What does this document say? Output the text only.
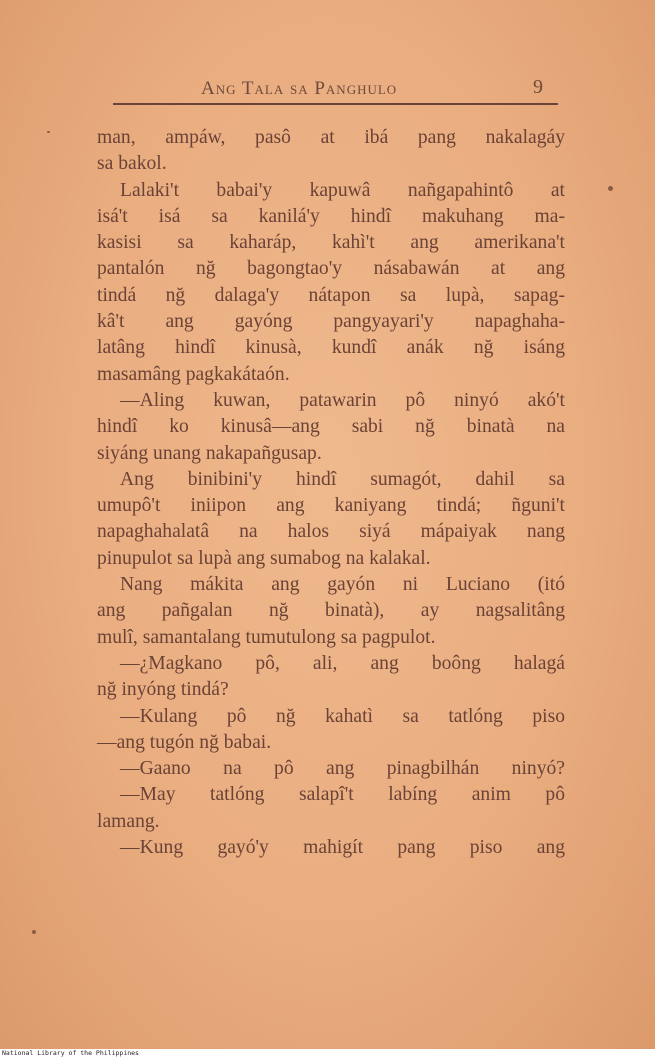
Ang Tala sa Panghulo	9
man, ampáw, pasô at ibá pang nakalagáy
sa bakol.
Lalaki't babai'y kapuwâ nañgapahintô at
isá't isá sa kanilá'y hindî makuhang ma-
kasisi sa kaharáp, kahì't ang amerikana't
pantalón nğ bagongtao'y násabawán at ang
tindá nğ dalaga'y nátapon sa lupà, sapag-
kâ't ang gayóng pangyayari'y napaghaha-
latâng hindî kinusà, kundî anák nğ isáng
masamâng pagkakátaón.
—Aling kuwan, patawarin pô ninyó akó't
hindî ko kinusâ—ang sabi nğ binatà na
siyáng unang nakapañgusap.
Ang binibini'y hindî sumagót, dahil sa
umupô't iniipon ang kaniyang tindá; ñguni't
napaghahalatâ na halos siyá mápaiyak nang
pinupulot sa lupà ang sumabog na kalakal.
Nang mákita ang gayón ni Luciano (itó
ang pañgalan nğ binatà), ay nagsalitâng
mulî, samantalang tumutulong sa pagpulot.
—¿Magkano pô, ali, ang boông halagá
nğ inyóng tindá?
—Kulang pô nğ kahatì sa tatlóng piso
—ang tugón nğ babai.
—Gaano na pô ang pinagbilhán ninyó?
—May tatlóng salapî't labíng anim pô
lamang.
—Kung gayó'y mahigít pang piso ang
National Library of the Philippines
